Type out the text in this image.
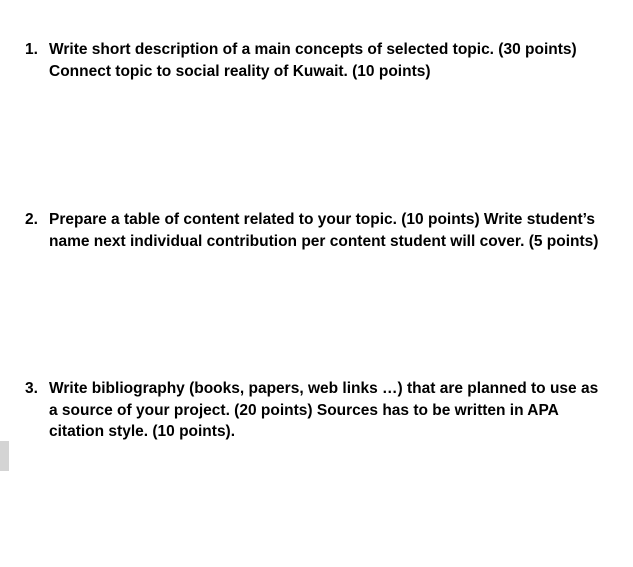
1. Write short description of a main concepts of selected topic. (30 points)
Connect topic to social reality of Kuwait. (10 points)
2. Prepare a table of content related to your topic. (10 points) Write student’s
name next individual contribution per content student will cover. (5 points)
3. Write bibliography (books, papers, web links …) that are planned to use as
a source of your project. (20 points) Sources has to be written in APA
citation style. (10 points).
